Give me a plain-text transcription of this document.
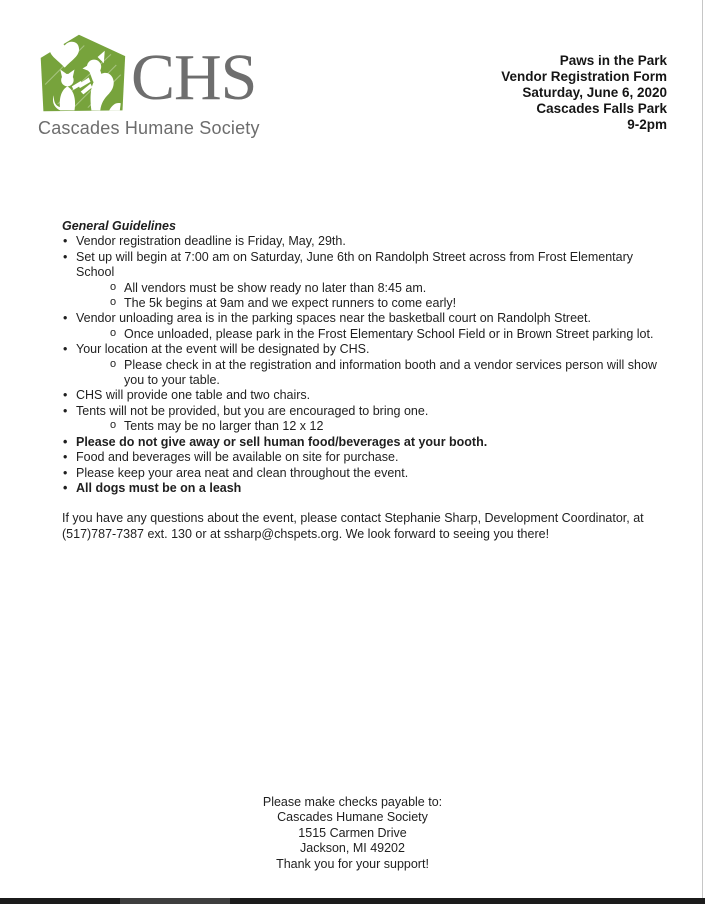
CHS
Cascades Humane Society
Paws in the Park
Vendor Registration Form
Saturday, June 6, 2020
Cascades Falls Park
9-2pm
General Guidelines
• Vendor registration deadline is Friday, May, 29th.
• Set up will begin at 7:00 am on Saturday, June 6th on Randolph Street across from Frost Elementary School
o All vendors must be show ready no later than 8:45 am.
o The 5k begins at 9am and we expect runners to come early!
• Vendor unloading area is in the parking spaces near the basketball court on Randolph Street.
o Once unloaded, please park in the Frost Elementary School Field or in Brown Street parking lot.
• Your location at the event will be designated by CHS.
o Please check in at the registration and information booth and a vendor services person will show you to your table.
• CHS will provide one table and two chairs.
• Tents will not be provided, but you are encouraged to bring one.
o Tents may be no larger than 12 x 12
• Please do not give away or sell human food/beverages at your booth.
• Food and beverages will be available on site for purchase.
• Please keep your area neat and clean throughout the event.
• All dogs must be on a leash
If you have any questions about the event, please contact Stephanie Sharp, Development Coordinator, at (517)787-7387 ext. 130 or at ssharp@chspets.org. We look forward to seeing you there!
Please make checks payable to:
Cascades Humane Society
1515 Carmen Drive
Jackson, MI 49202
Thank you for your support!
